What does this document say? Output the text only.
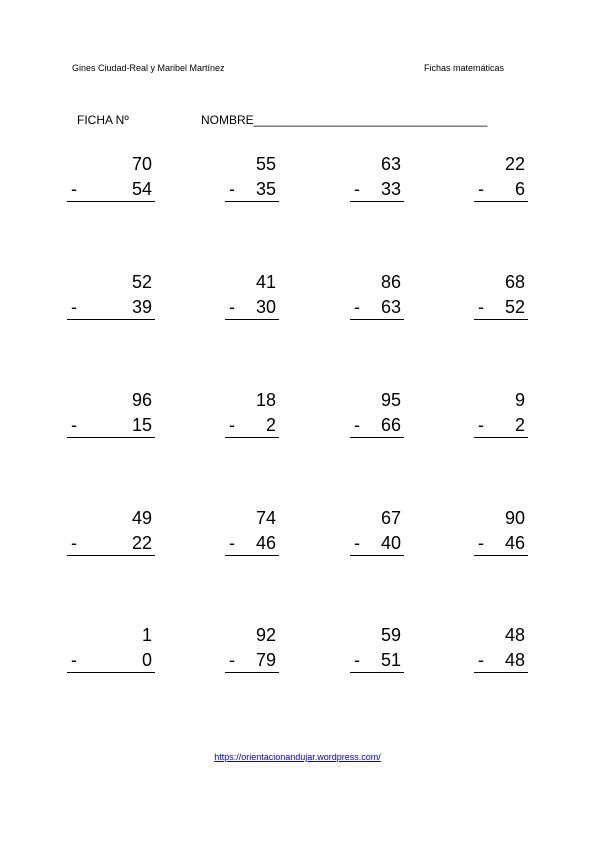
Gines Ciudad-Real y Maribel Martínez	Fichas matemáticas
FICHA Nº	NOMBRE___________________________________
70
-	54
55
- 35
63
- 33
22
- 6
52
-	39
41
- 30
86
- 63
68
- 52
96
-	15
18
- 2
95
- 66
9
- 2
49
-	22
74
- 46
67
- 40
90
- 46
1
-	0
92
- 79
59
- 51
48
- 48
https://orientacionandujar.wordpress.com/
